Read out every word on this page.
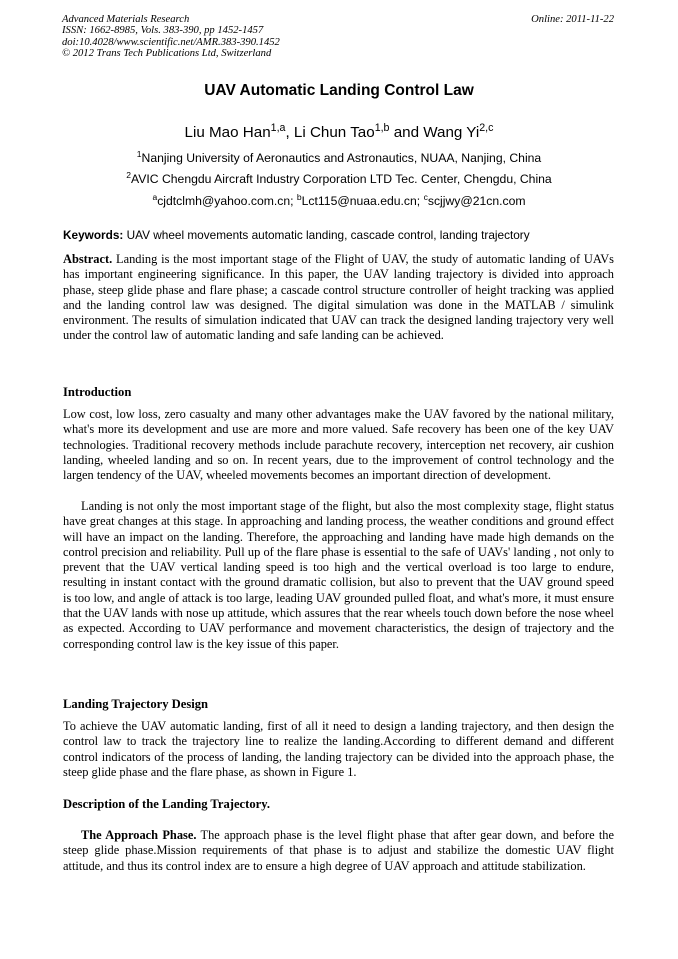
Advanced Materials Research
ISSN: 1662-8985, Vols. 383-390, pp 1452-1457
doi:10.4028/www.scientific.net/AMR.383-390.1452
© 2012 Trans Tech Publications Ltd, Switzerland
Online: 2011-11-22
UAV Automatic Landing Control Law
Liu Mao Han$^{1,a}$, Li Chun Tao$^{1,b}$ and Wang Yi$^{2,c}$
$^1$Nanjing University of Aeronautics and Astronautics, NUAA, Nanjing, China
$^2$AVIC Chengdu Aircraft Industry Corporation LTD Tec. Center, Chengdu, China
$^a$cjdtclmh@yahoo.com.cn; $^b$Lct115@nuaa.edu.cn; $^c$scjjwy@21cn.com
Keywords: UAV wheel movements automatic landing, cascade control, landing trajectory

Abstract. Landing is the most important stage of the Flight of UAV, the study of automatic landing of UAVs has important engineering significance. In this paper, the UAV landing trajectory is divided into approach phase, steep glide phase and flare phase; a cascade control structure controller of height tracking was applied and the landing control law was designed. The digital simulation was done in the MATLAB / simulink environment. The results of simulation indicated that UAV can track the designed landing trajectory very well under the control law of automatic landing and safe landing can be achieved.

Introduction

Low cost, low loss, zero casualty and many other advantages make the UAV favored by the national military, what's more its development and use are more and more valued. Safe recovery has been one of the key UAV technologies. Traditional recovery methods include parachute recovery, interception net recovery, air cushion landing, wheeled landing and so on. In recent years, due to the improvement of control technology and the largen tendency of the UAV, wheeled movements becomes an important direction of development.

Landing is not only the most important stage of the flight, but also the most complexity stage, flight status have great changes at this stage. In approaching and landing process, the weather conditions and ground effect will have an impact on the landing. Therefore, the approaching and landing have made high demands on the control precision and reliability. Pull up of the flare phase is essential to the safe of UAVs' landing , not only to prevent that the UAV vertical landing speed is too high and the vertical overload is too large to endure, resulting in instant contact with the ground dramatic collision, but also to prevent that the UAV ground speed is too low, and angle of attack is too large, leading UAV grounded pulled float, and what's more, it must ensure that the UAV lands with nose up attitude, which assures that the rear wheels touch down before the nose wheel as expected. According to UAV performance and movement characteristics, the design of trajectory and the corresponding control law is the key issue of this paper.

Landing Trajectory Design

To achieve the UAV automatic landing, first of all it need to design a landing trajectory, and then design the control law to track the trajectory line to realize the landing.According to different demand and different control indicators of the process of landing, the landing trajectory can be divided into the approach phase, the steep glide phase and the flare phase, as shown in Figure 1.

Description of the Landing Trajectory.

The Approach Phase. The approach phase is the level flight phase that after gear down, and before the steep glide phase.Mission requirements of that phase is to adjust and stabilize the domestic UAV flight attitude, and thus its control index are to ensure a high degree of UAV approach and attitude stabilization.
